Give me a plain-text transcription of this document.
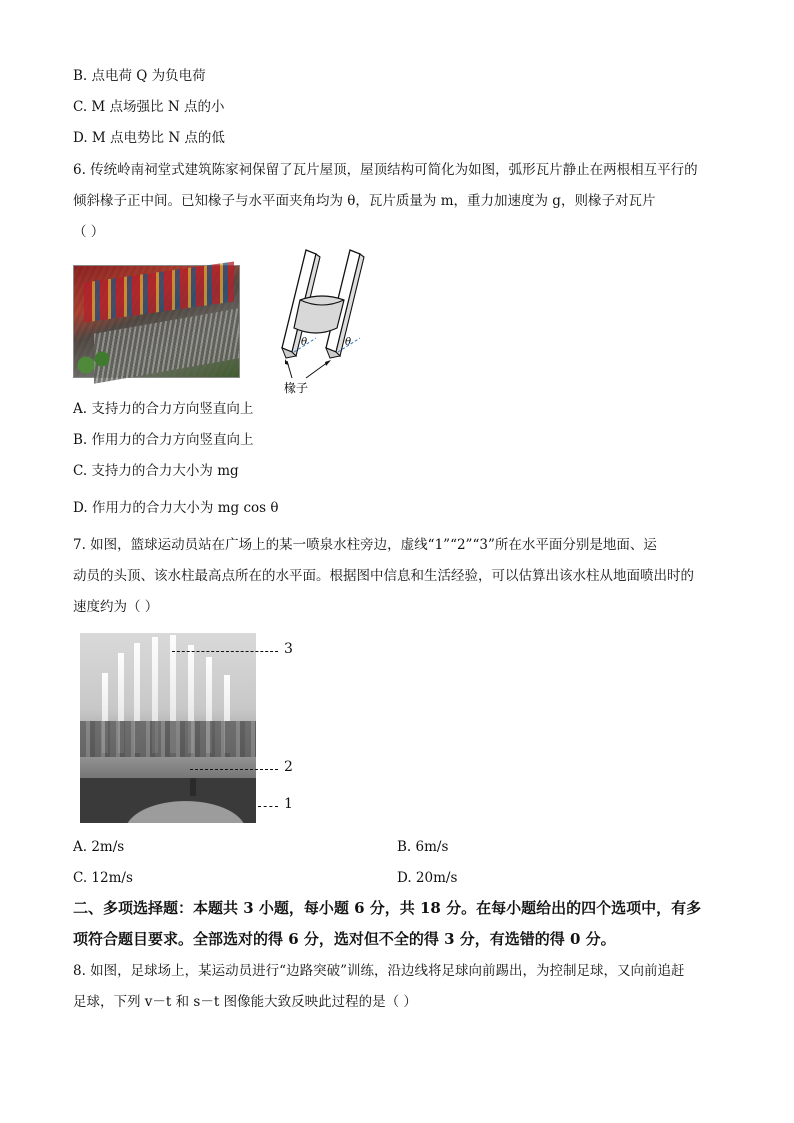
B. 点电荷 Q 为负电荷
C. M 点场强比 N 点的小
D. M 点电势比 N 点的低
6. 传统岭南祠堂式建筑陈家祠保留了瓦片屋顶，屋顶结构可简化为如图，弧形瓦片静止在两根相互平行的
倾斜椽子正中间。已知椽子与水平面夹角均为 θ，瓦片质量为 m，重力加速度为 g，则椽子对瓦片
（ ）
θ	θ
椽子
A. 支持力的合力方向竖直向上
B. 作用力的合力方向竖直向上
C. 支持力的合力大小为 mg
D. 作用力的合力大小为 mg cos θ
7. 如图，篮球运动员站在广场上的某一喷泉水柱旁边，虚线“1”“2”“3”所在水平面分别是地面、运
动员的头顶、该水柱最高点所在的水平面。根据图中信息和生活经验，可以估算出该水柱从地面喷出时的
速度约为（ ）
3
2
1
A. 2m/s	B. 6m/s
C. 12m/s	D. 20m/s
二、多项选择题：本题共 3 小题，每小题 6 分，共 18 分。在每小题给出的四个选项中，有多
项符合题目要求。全部选对的得 6 分，选对但不全的得 3 分，有选错的得 0 分。
8. 如图，足球场上，某运动员进行“边路突破”训练，沿边线将足球向前踢出，为控制足球，又向前追赶
足球，下列 v－t 和 s－t 图像能大致反映此过程的是（ ）
